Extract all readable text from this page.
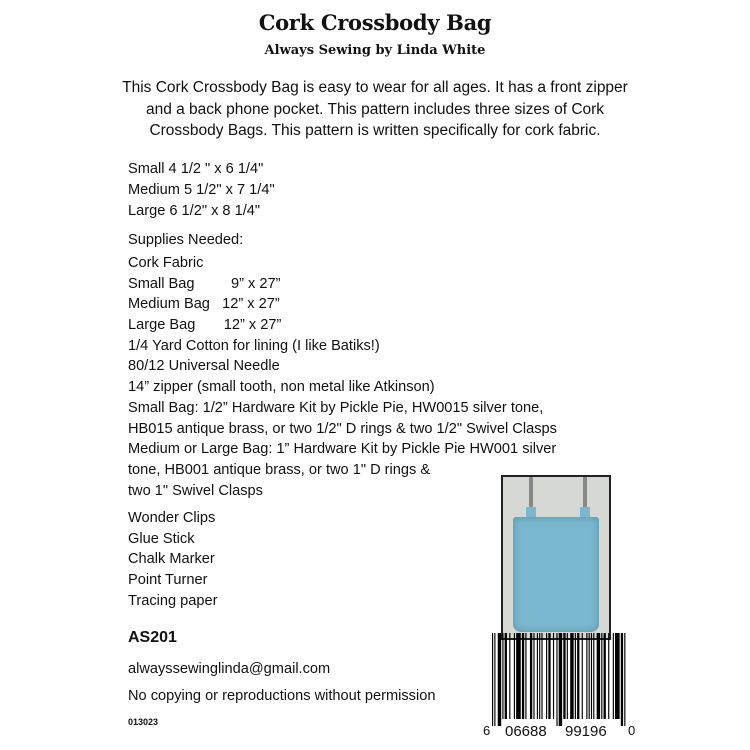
Cork Crossbody Bag
Always Sewing by Linda White
This Cork Crossbody Bag is easy to wear for all ages. It has a front zipper and a back phone pocket. This pattern includes three sizes of Cork Crossbody Bags. This pattern is written specifically for cork fabric.
Small 4 1/2 " x 6 1/4"
Medium 5 1/2" x 7 1/4"
Large 6 1/2" x 8 1/4"
Supplies Needed:
Cork Fabric
Small Bag         9” x 27”
Medium Bag   12” x 27”
Large Bag       12” x 27”
1/4 Yard Cotton for lining (I like Batiks!)
80/12 Universal Needle
14” zipper (small tooth, non metal like Atkinson)
Small Bag: 1/2” Hardware Kit by Pickle Pie, HW0015 silver tone,
HB015 antique brass, or two 1/2" D rings & two 1/2" Swivel Clasps
Medium or Large Bag: 1” Hardware Kit by Pickle Pie HW001 silver
tone, HB001 antique brass, or two 1" D rings &
two 1" Swivel Clasps
Wonder Clips
Glue Stick
Chalk Marker
Point Turner
Tracing paper
AS201
alwayssewinglinda@gmail.com
No copying or reproductions without permission
013023
6 06688 99196 0
